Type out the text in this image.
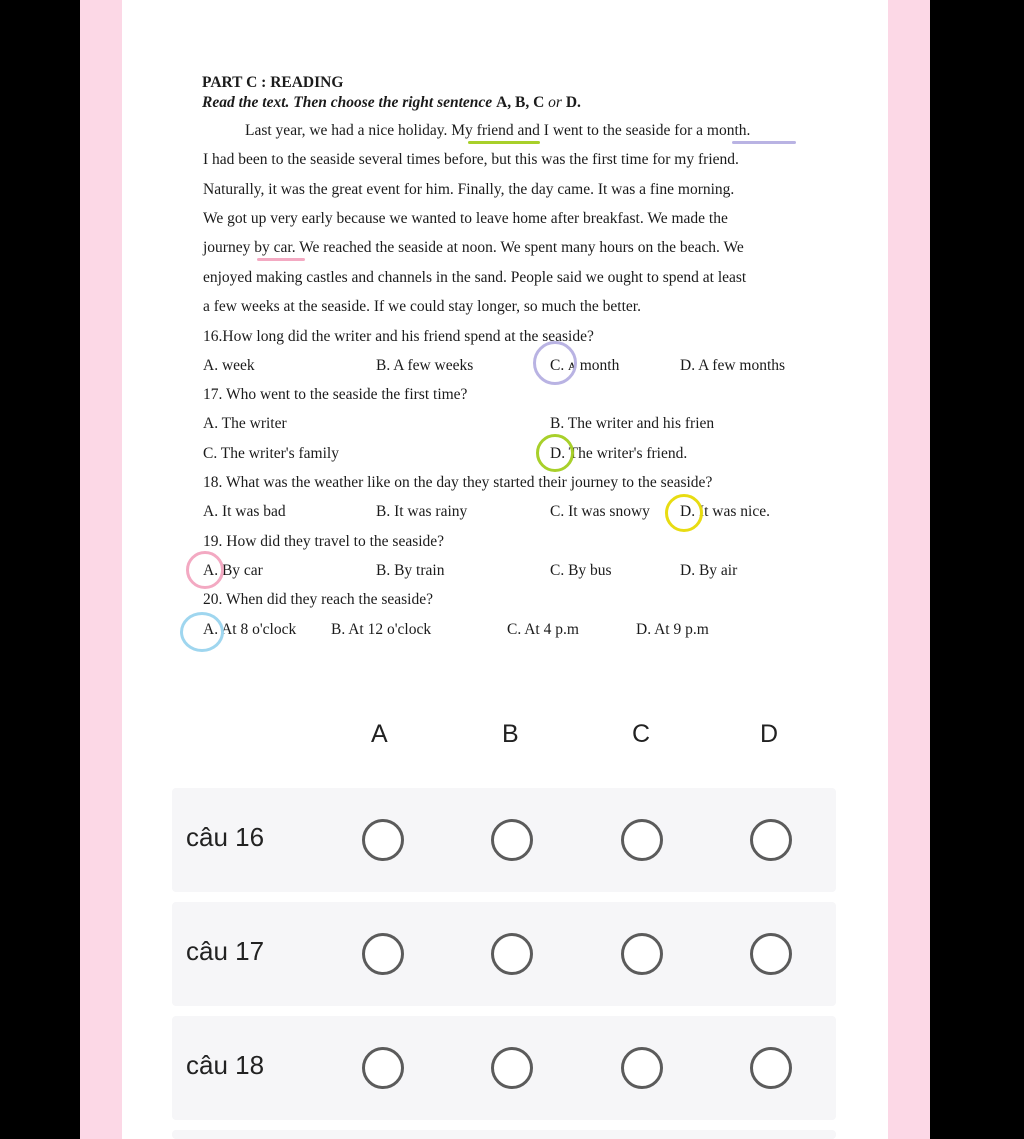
PART C : READING
Read the text. Then choose the right sentence A, B, C or D.
Last year, we had a nice holiday. My friend and I went to the seaside for a month.
I had been to the seaside several times before, but this was the first time for my friend.
Naturally, it was the great event for him. Finally, the day came. It was a fine morning.
We got up very early because we wanted to leave home after breakfast. We made the
journey by car. We reached the seaside at noon. We spent many hours on the beach. We
enjoyed making castles and channels in the sand. People said we ought to spend at least
a few weeks at the seaside. If we could stay longer, so much the better.
16.How long did the writer and his friend spend at the seaside?
A. week	B. A few weeks	C. ᴀ month	D. A few months
17. Who went to the seaside the first time?
A. The writer	B. The writer and his frien
C. The writer's family	D. The writer's friend.
18. What was the weather like on the day they started their journey to the seaside?
A. It was bad	B. It was rainy	C. It was snowy D. It was nice.
19. How did they travel to the seaside?
A. By car	B. By train	C. By bus	D. By air
20. When did they reach the seaside?
A. At 8 o'clock B. At 12 o'clock	C. At 4 p.m	D. At 9 p.m
A	B	C	D
câu 16
câu 17
câu 18
